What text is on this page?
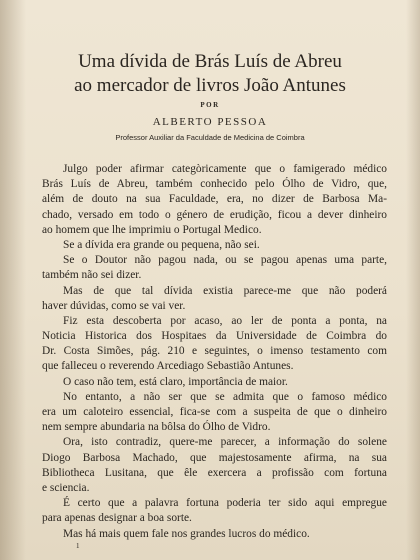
Uma dívida de Brás Luís de Abreu
ao mercador de livros João Antunes
POR
ALBERTO PESSOA
Professor Auxiliar da Faculdade de Medicina de Coimbra
Julgo poder afirmar categòricamente que o famigerado médico
Brás Luís de Abreu, também conhecido pelo Ólho de Vidro, que,
além de douto na sua Faculdade, era, no dizer de Barbosa Ma-
chado, versado em todo o género de erudição, ficou a dever dinheiro
ao homem que lhe imprimiu o Portugal Medico.
Se a dívida era grande ou pequena, não sei.
Se o Doutor não pagou nada, ou se pagou apenas uma parte,
também não sei dizer.
Mas de que tal dívida existia parece-me que não poderá
haver dúvidas, como se vai ver.
Fiz esta descoberta por acaso, ao ler de ponta a ponta, na
Noticia Historica dos Hospitaes da Universidade de Coimbra do
Dr. Costa Simões, pág. 210 e seguintes, o imenso testamento com
que falleceu o reverendo Arcediago Sebastião Antunes.
O caso não tem, está claro, importância de maior.
No entanto, a não ser que se admita que o famoso médico
era um caloteiro essencial, fica-se com a suspeita de que o dinheiro
nem sempre abundaria na bôlsa do Ólho de Vidro.
Ora, isto contradiz, quere-me parecer, a informação do solene
Diogo Barbosa Machado, que majestosamente afirma, na sua
Bibliotheca Lusitana, que êle exercera a profissão com fortuna
e sciencia.
É certo que a palavra fortuna poderia ter sido aqui empregue
para apenas designar a boa sorte.
Mas há mais quem fale nos grandes lucros do médico.
1
